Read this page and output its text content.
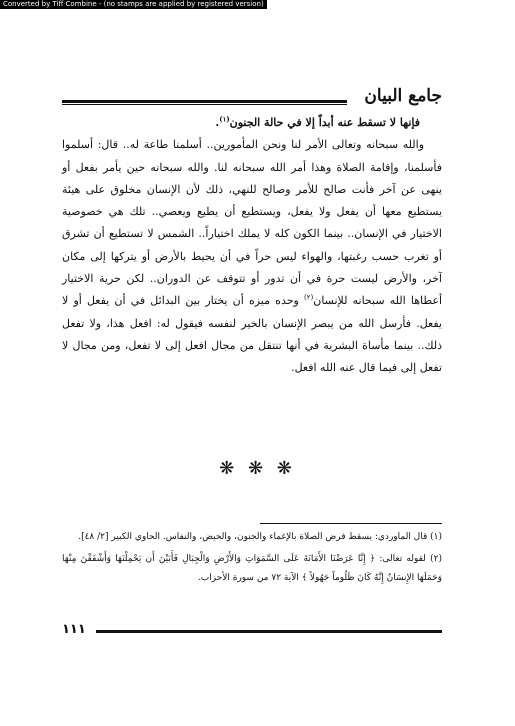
Converted by Tiff Combine - (no stamps are applied by registered version)
جامع البيان

فإنها لا تسقط عنه أبداً إلا في حالة الجنون$^{(١)}$.

والله سبحانه وتعالى الأمر لنا ونحن المأمورين.. أسلمنا طاعة له.. قال: أسلموا فأسلمنا، وإقامة الصلاة وهذا أمر الله سبحانه لنا. والله سبحانه حين يأمر بفعل أو ينهى عن آخر فأنت صالح للأمر وصالح للنهي، ذلك لأن الإنسان مخلوق على هيئة يستطيع معها أن يفعل ولا يفعل، ويستطيع أن يطيع ويعصي.. تلك هي خصوصية الاختيار في الإنسان.. بينما الكون كله لا يملك اختياراً.. الشمس لا تستطيع أن تشرق أو تغرب حسب رغبتها، والهواء ليس حراً في أن يحيط بالأرض أو يتركها إلى مكان آخر، والأرض ليست حرة في أن تدور أو تتوقف عن الدوران.. لكن حرية الاختيار أعطاها الله سبحانه للإنسان$^{(٢)}$ وحده ميزه أن يختار بين البدائل في أن يفعل أو لا يفعل. فأرسل الله من يبصر الإنسان بالخير لنفسه فيقول له: افعل هذا، ولا تفعل ذلك.. بينما مأساة البشرية في أنها تنتقل من مجال افعل إلى لا تفعل، ومن مجال لا تفعل إلى فيما قال عنه الله افعل.

❋ ❋ ❋

(١) قال الماوردي: يسقط فرض الصلاة بالإغماء والجنون، والحيض، والنفاس. الحاوي الكبير [٢/ ٤٨].

(٢) لقوله تعالى: ﴿ إِنَّا عَرَضْنَا الأَمَانَةَ عَلَى السَّمَوَاتِ وَالأَرْضِ وَالْجِبَالِ فَأَبَيْنَ أَن يَحْمِلْنَهَا وَأَشْفَقْنَ مِنْهَا وَحَمَلَهَا الإِنسَانُ إِنَّهُ كَانَ ظَلُوماً جَهُولاً ﴾ الآية ٧٢ من سورة الأحزاب.

١١١
